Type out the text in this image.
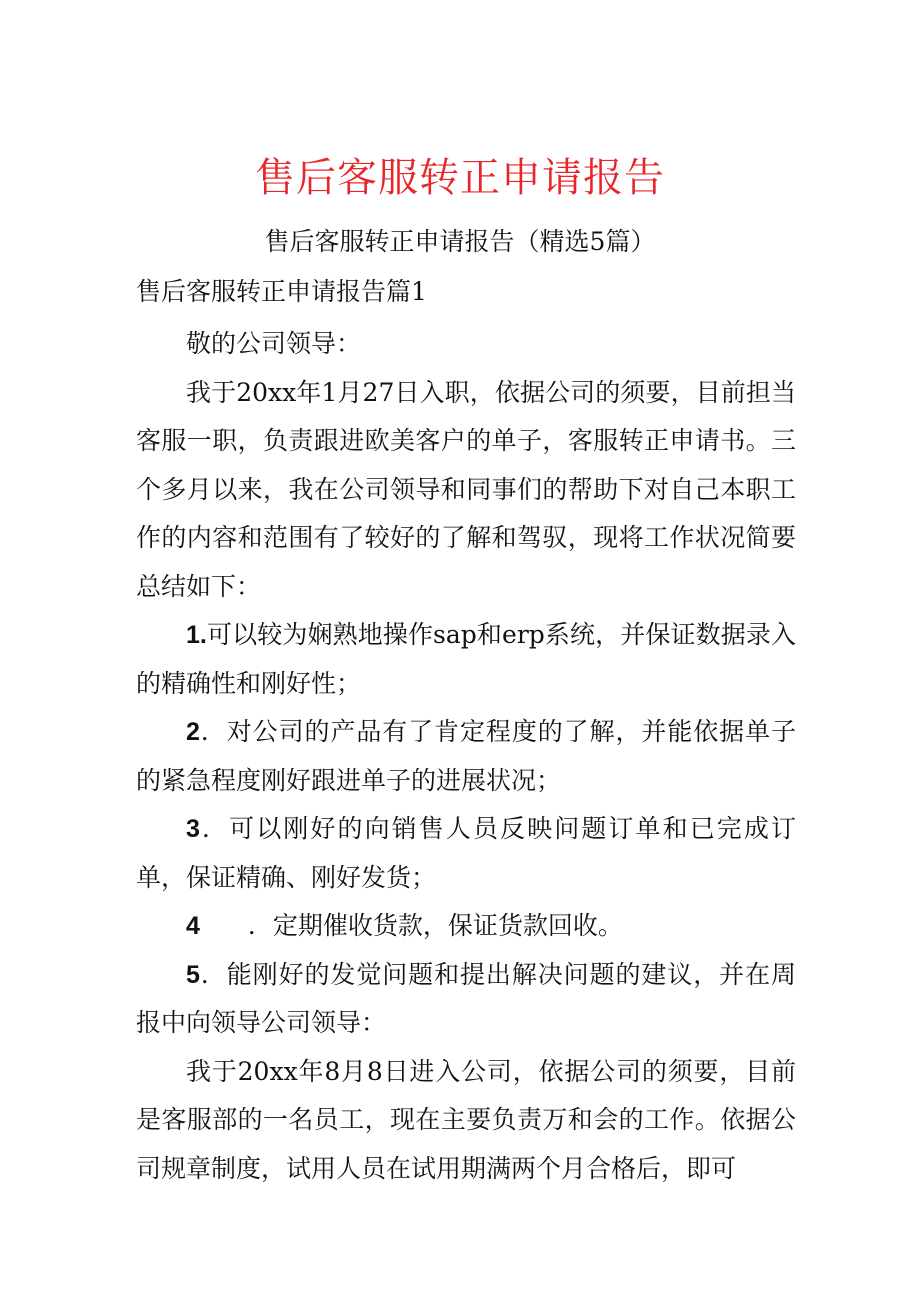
售后客服转正申请报告
售后客服转正申请报告（精选5篇）
售后客服转正申请报告篇1

敬的公司领导：

我于20xx年1月27日入职，依据公司的须要，目前担当客服一职，负责跟进欧美客户的单子，客服转正申请书。三个多月以来，我在公司领导和同事们的帮助下对自己本职工作的内容和范围有了较好的了解和驾驭，现将工作状况简要总结如下：

1.可以较为娴熟地操作sap和erp系统，并保证数据录入的精确性和刚好性；

2．对公司的产品有了肯定程度的了解，并能依据单子的紧急程度刚好跟进单子的进展状况；

3．可以刚好的向销售人员反映问题订单和已完成订单，保证精确、刚好发货；

4 ．定期催收货款，保证货款回收。

5．能刚好的发觉问题和提出解决问题的建议，并在周报中向领导公司领导：

我于20xx年8月8日进入公司，依据公司的须要，目前是客服部的一名员工，现在主要负责万和会的工作。依据公司规章制度，试用人员在试用期满两个月合格后，即可
